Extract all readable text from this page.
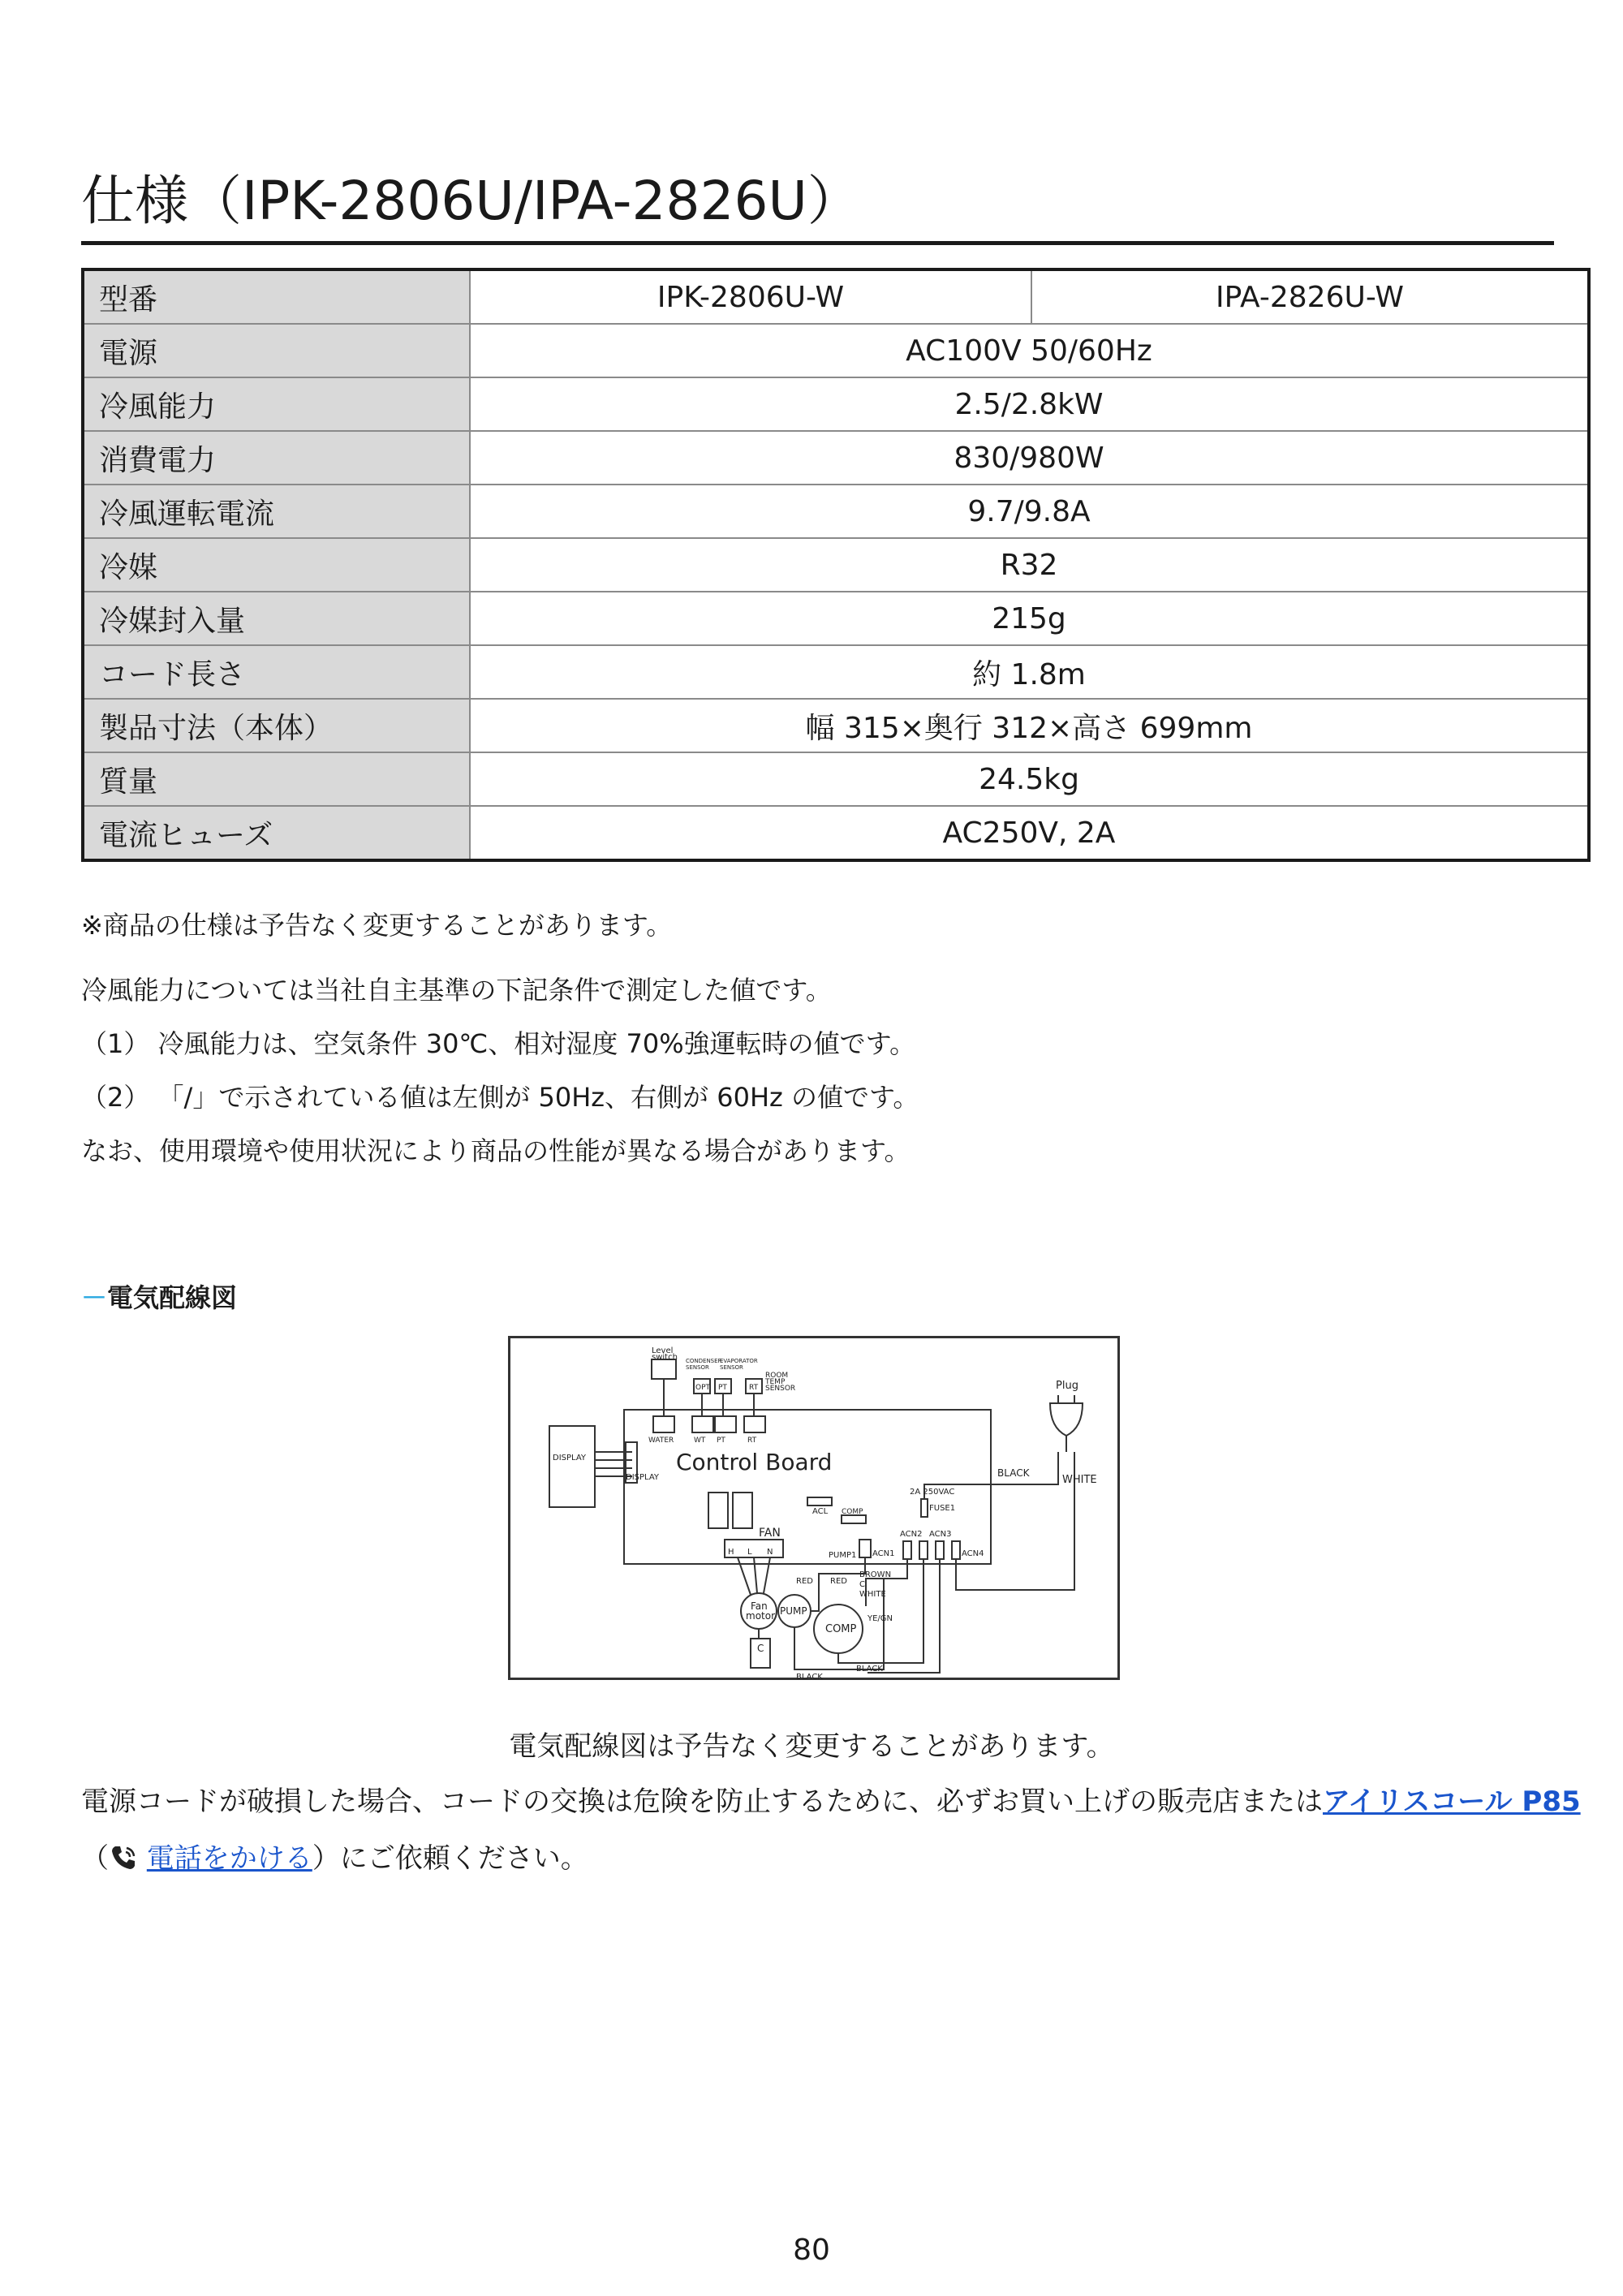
仕様（IPK-2806U/IPA-2826U）
型番	IPK-2806U-W	IPA-2826U-W
電源	AC100V 50/60Hz	
冷風能力	2.5/2.8kW	
消費電力	830/980W	
冷風運転電流	9.7/9.8A	
冷媒	R32	
冷媒封入量	215g	
コード長さ	約 1.8m	
製品寸法（本体）	幅 315×奥行 312×高さ 699mm	
質量	24.5kg	
電流ヒューズ	AC250V, 2A	
※商品の仕様は予告なく変更することがあります。
冷風能力については当社自主基準の下記条件で測定した値です。
（1） 冷風能力は、空気条件 30℃、相対湿度 70%強運転時の値です。
（2） 「/」で示されている値は左側が 50Hz、右側が 60Hz の値です。
なお、使用環境や使用状況により商品の性能が異なる場合があります。
－電気配線図
Level
switch CONDENSER
SENSOR
EVAPORATOR
SENSOR
ROOM
TEMP
SENSOR
OPT PT	RT	Plug
WATER	WT PT	RT
DISPLAY
DISPLAY
Control Board	BLACK
WHITE
2A 250VAC
FUSE1
ACL COMP
FAN
H L N
ACN2 ACN3
ACN1	ACN4
PUMP1
RED RED
BROWN
C
WHITE
Fan
motor PUMP
COMP
YE/GN
C
BLACK
BLACK
電気配線図は予告なく変更することがあります。
電源コードが破損した場合、コードの交換は危険を防止するために、必ずお買い上げの販売店またはアイリスコール P85
（ 電話をかける）にご依頼ください。
80
